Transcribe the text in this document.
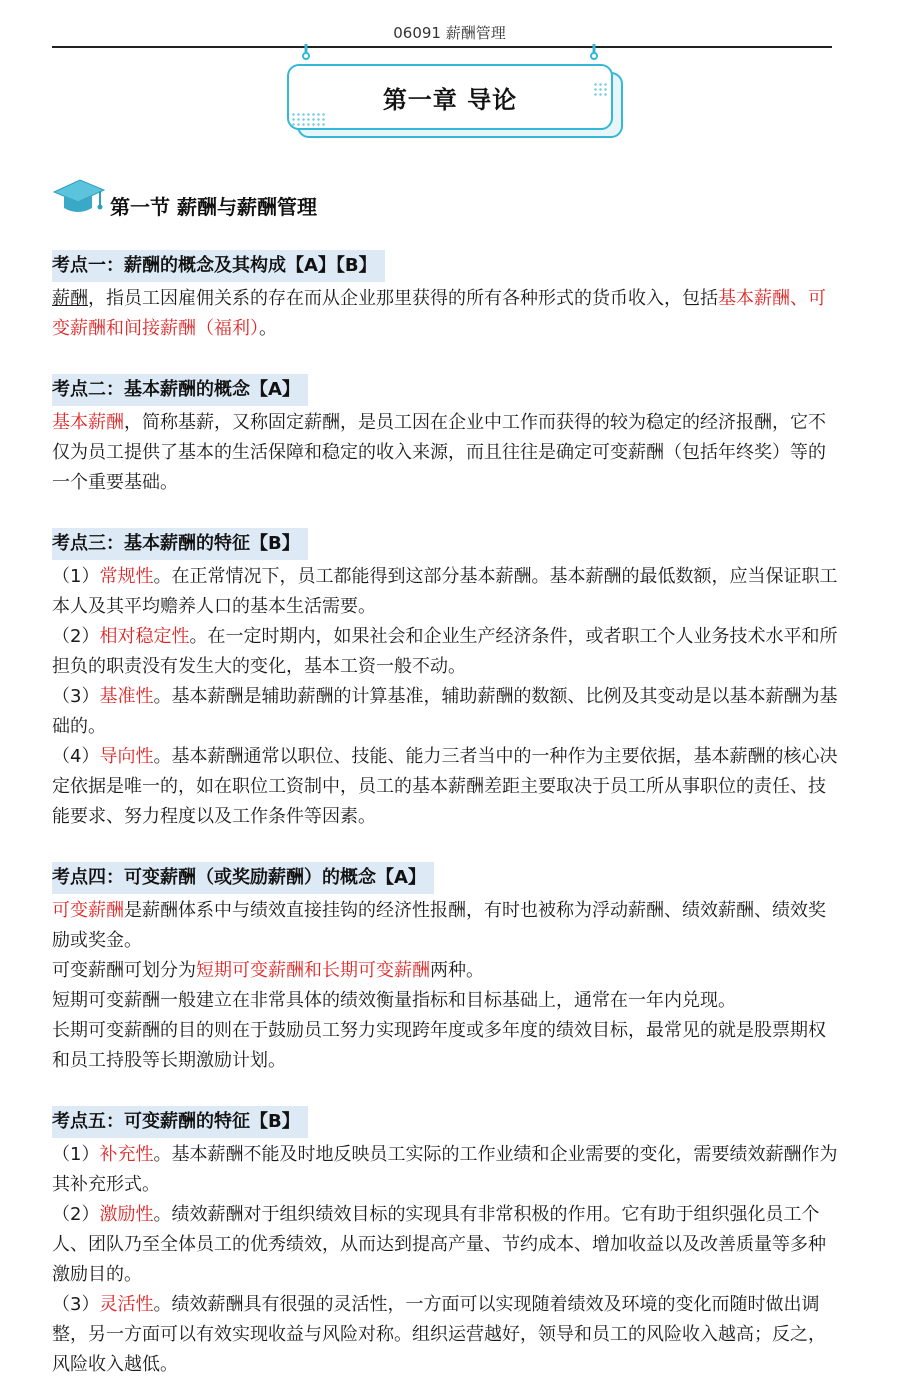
06091 薪酬管理
第一章 导论
第一节 薪酬与薪酬管理
考点一：薪酬的概念及其构成【A】【B】

薪酬，指员工因雇佣关系的存在而从企业那里获得的所有各种形式的货币收入，包括基本薪酬、可变薪酬和间接薪酬（福利）。

考点二：基本薪酬的概念【A】

基本薪酬，简称基薪，又称固定薪酬，是员工因在企业中工作而获得的较为稳定的经济报酬，它不仅为员工提供了基本的生活保障和稳定的收入来源，而且往往是确定可变薪酬（包括年终奖）等的一个重要基础。

考点三：基本薪酬的特征【B】

（1）常规性。在正常情况下，员工都能得到这部分基本薪酬。基本薪酬的最低数额，应当保证职工本人及其平均赡养人口的基本生活需要。

（2）相对稳定性。在一定时期内，如果社会和企业生产经济条件，或者职工个人业务技术水平和所担负的职责没有发生大的变化，基本工资一般不动。

（3）基准性。基本薪酬是辅助薪酬的计算基准，辅助薪酬的数额、比例及其变动是以基本薪酬为基础的。

（4）导向性。基本薪酬通常以职位、技能、能力三者当中的一种作为主要依据，基本薪酬的核心决定依据是唯一的，如在职位工资制中，员工的基本薪酬差距主要取决于员工所从事职位的责任、技能要求、努力程度以及工作条件等因素。

考点四：可变薪酬（或奖励薪酬）的概念【A】

可变薪酬是薪酬体系中与绩效直接挂钩的经济性报酬，有时也被称为浮动薪酬、绩效薪酬、绩效奖励或奖金。

可变薪酬可划分为短期可变薪酬和长期可变薪酬两种。

短期可变薪酬一般建立在非常具体的绩效衡量指标和目标基础上，通常在一年内兑现。

长期可变薪酬的目的则在于鼓励员工努力实现跨年度或多年度的绩效目标，最常见的就是股票期权和员工持股等长期激励计划。

考点五：可变薪酬的特征【B】

（1）补充性。基本薪酬不能及时地反映员工实际的工作业绩和企业需要的变化，需要绩效薪酬作为其补充形式。

（2）激励性。绩效薪酬对于组织绩效目标的实现具有非常积极的作用。它有助于组织强化员工个人、团队乃至全体员工的优秀绩效，从而达到提高产量、节约成本、增加收益以及改善质量等多种激励目的。

（3）灵活性。绩效薪酬具有很强的灵活性，一方面可以实现随着绩效及环境的变化而随时做出调整，另一方面可以有效实现收益与风险对称。组织运营越好，领导和员工的风险收入越高；反之，风险收入越低。
